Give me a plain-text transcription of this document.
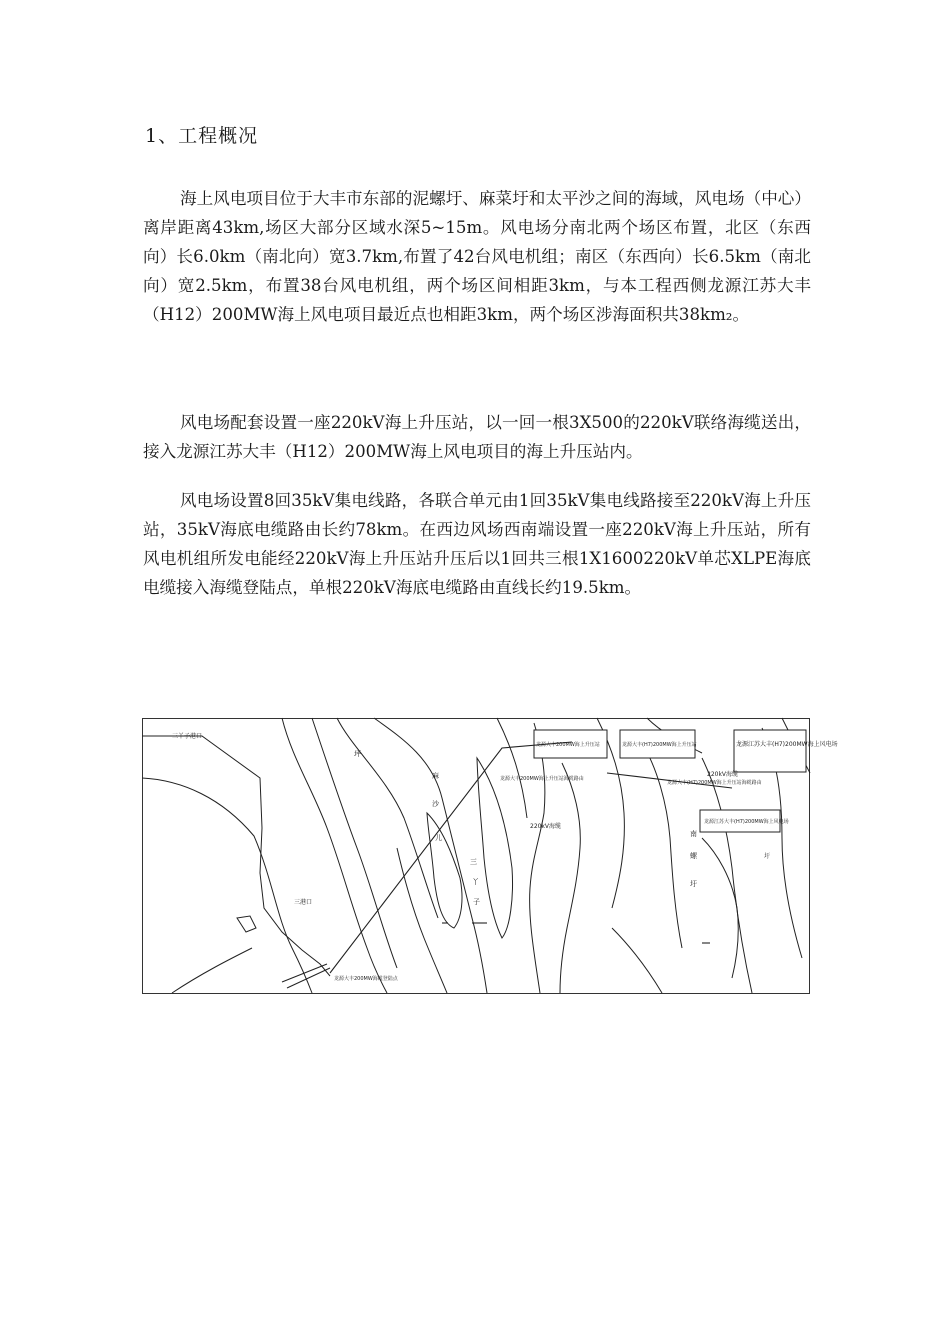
1、工程概况

海上风电项目位于大丰市东部的泥螺圩、麻菜圩和太平沙之间的海域，风电场（中心）离岸距离43km,场区大部分区域水深5~15m。风电场分南北两个场区布置，北区（东西向）长6.0km（南北向）宽3.7km,布置了42台风电机组；南区（东西向）长6.5km（南北向）宽2.5km，布置38台风电机组，两个场区间相距3km，与本工程西侧龙源江苏大丰（H12）200MW海上风电项目最近点也相距3km，两个场区涉海面积共38km₂。

风电场配套设置一座220kV海上升压站，以一回一根3X500的220kV联络海缆送出，接入龙源江苏大丰（H12）200MW海上风电项目的海上升压站内。

风电场设置8回35kV集电线路，各联合单元由1回35kV集电线路接至220kV海上升压站，35kV海底电缆路由长约78km。在西边风场西南端设置一座220kV海上升压站，所有风电机组所发电能经220kV海上升压站升压后以1回共三根1X1600220kV单芯XLPE海底电缆接入海缆登陆点，单根220kV海底电缆路由直线长约19.5km。

三丫子港口
三港口
龙源大丰200MW海上升压站	龙源大丰(H7)200MW海上升压站	龙源江苏大丰(H7)200MW海上风电场
220kV海缆
220kV海缆
龙源大丰200MW海上升压站海缆路由
龙源大丰(H7)200MW海上升压站海缆路由
龙源江苏大丰(H7)200MW海上风电场
龙源大丰200MW海缆登陆点
坪
麻
沙
儿
三
丫
子
南
螺
圩
圩
